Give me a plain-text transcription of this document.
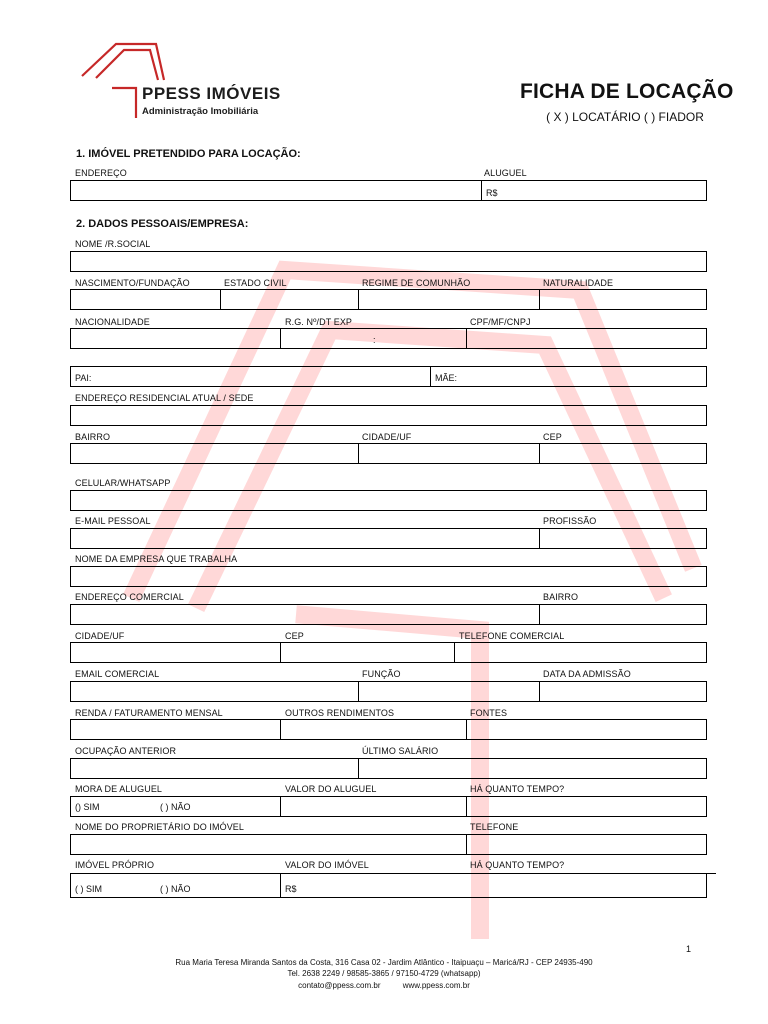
PPESS IMÓVEIS
Administração Imobiliária
FICHA DE LOCAÇÃO
( X ) LOCATÁRIO ( ) FIADOR
1. IMÓVEL PRETENDIDO PARA LOCAÇÃO:
ENDEREÇO	ALUGUEL
R$
2. DADOS PESSOAIS/EMPRESA:
NOME /R.SOCIAL
NASCIMENTO/FUNDAÇÃO	ESTADO CIVIL	REGIME DE COMUNHÃO	NATURALIDADE
NACIONALIDADE	R.G. Nº/DT EXP	CPF/MF/CNPJ
:
PAI:	MÃE:
ENDEREÇO RESIDENCIAL ATUAL / SEDE
BAIRRO	CIDADE/UF	CEP
CELULAR/WHATSAPP
E-MAIL PESSOAL	PROFISSÃO
NOME DA EMPRESA QUE TRABALHA
ENDEREÇO COMERCIAL	BAIRRO
CIDADE/UF	CEP	TELEFONE COMERCIAL
EMAIL COMERCIAL	FUNÇÃO	DATA DA ADMISSÃO
RENDA / FATURAMENTO MENSAL	OUTROS RENDIMENTOS	FONTES
OCUPAÇÃO ANTERIOR	ÚLTIMO SALÁRIO
MORA DE ALUGUEL	VALOR DO ALUGUEL	HÁ QUANTO TEMPO?
() SIM	( ) NÃO
NOME DO PROPRIETÁRIO DO IMÓVEL	TELEFONE
IMÓVEL PRÓPRIO	VALOR DO IMÓVEL	HÁ QUANTO TEMPO?
( ) SIM	( ) NÃO	R$
1
Rua Maria Teresa Miranda Santos da Costa, 316 Casa 02 - Jardim Atlântico - Itaipuaçu – Maricá/RJ - CEP 24935-490
Tel. 2638 2249 / 98585-3865 / 97150-4729 (whatsapp)
contato@ppess.com.br          www.ppess.com.br
